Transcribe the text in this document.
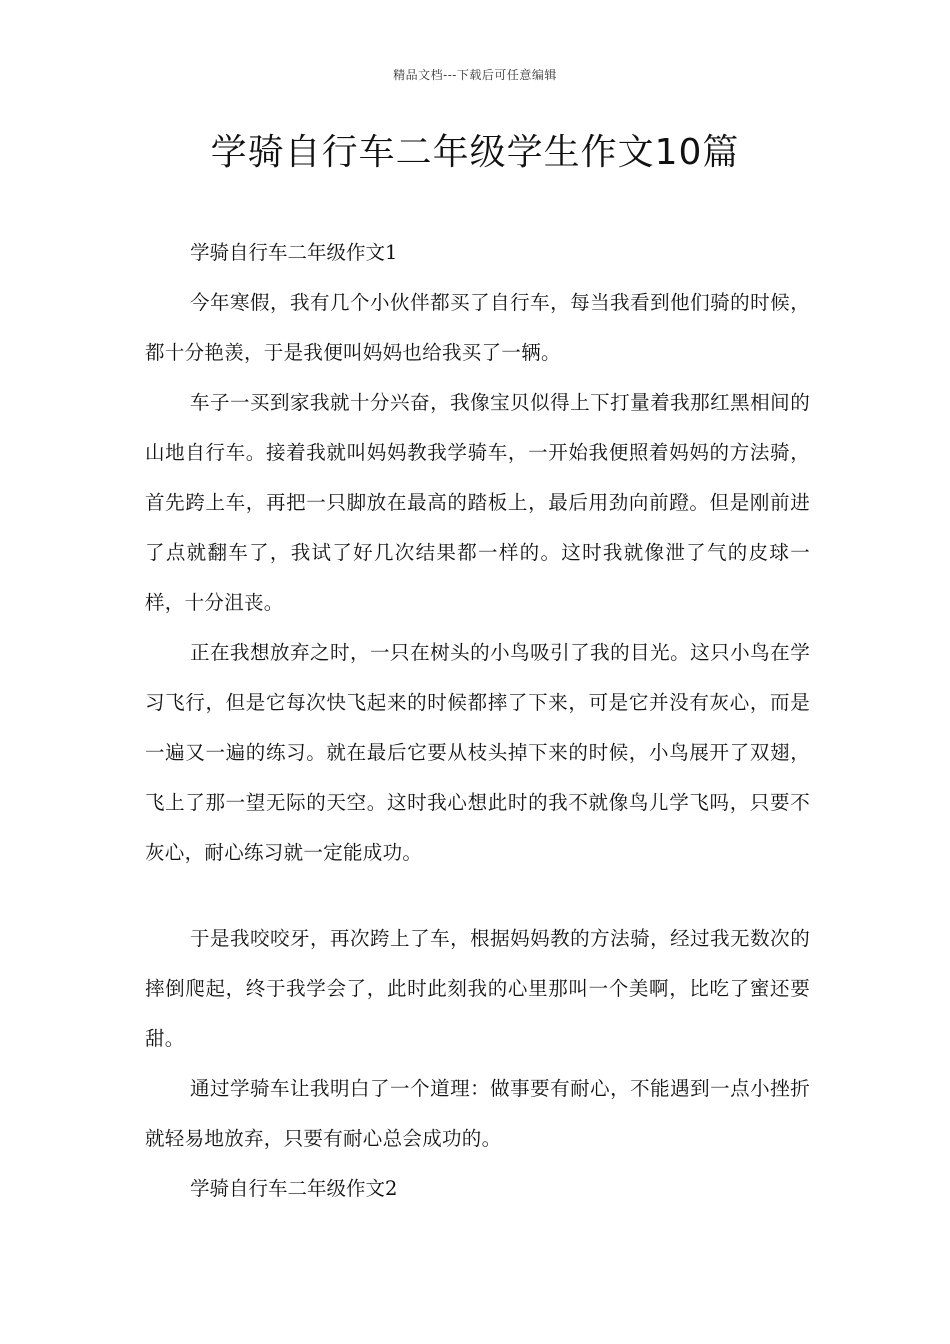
精品文档---下载后可任意编辑
学骑自行车二年级学生作文10篇

学骑自行车二年级作文1

今年寒假，我有几个小伙伴都买了自行车，每当我看到他们骑的时候，都十分艳羡，于是我便叫妈妈也给我买了一辆。

车子一买到家我就十分兴奋，我像宝贝似得上下打量着我那红黑相间的山地自行车。接着我就叫妈妈教我学骑车，一开始我便照着妈妈的方法骑，首先跨上车，再把一只脚放在最高的踏板上，最后用劲向前蹬。但是刚前进了点就翻车了，我试了好几次结果都一样的。这时我就像泄了气的皮球一样，十分沮丧。

正在我想放弃之时，一只在树头的小鸟吸引了我的目光。这只小鸟在学习飞行，但是它每次快飞起来的时候都摔了下来，可是它并没有灰心，而是一遍又一遍的练习。就在最后它要从枝头掉下来的时候，小鸟展开了双翅，飞上了那一望无际的天空。这时我心想此时的我不就像鸟儿学飞吗，只要不灰心，耐心练习就一定能成功。

于是我咬咬牙，再次跨上了车，根据妈妈教的方法骑，经过我无数次的摔倒爬起，终于我学会了，此时此刻我的心里那叫一个美啊，比吃了蜜还要甜。

通过学骑车让我明白了一个道理：做事要有耐心，不能遇到一点小挫折就轻易地放弃，只要有耐心总会成功的。

学骑自行车二年级作文2
